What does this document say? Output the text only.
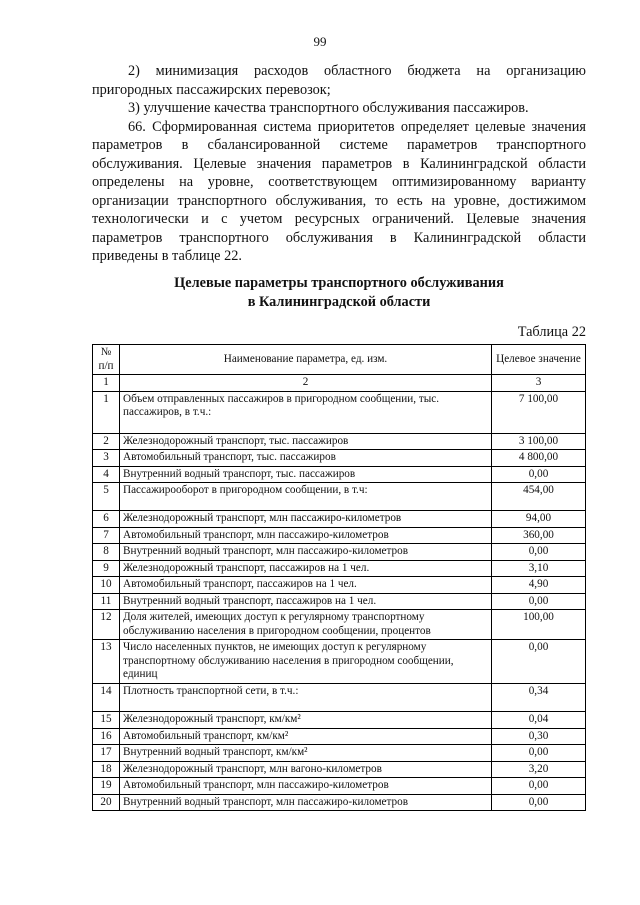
99

2) минимизация расходов областного бюджета на организацию пригородных пассажирских перевозок;

3) улучшение качества транспортного обслуживания пассажиров.

66. Сформированная система приоритетов определяет целевые значения параметров в сбалансированной системе параметров транспортного обслуживания. Целевые значения параметров в Калининградской области определены на уровне, соответствующем оптимизированному варианту организации транспортного обслуживания, то есть на уровне, достижимом технологически и с учетом ресурсных ограничений. Целевые значения параметров транспортного обслуживания в Калининградской области приведены в таблице 22.

Целевые параметры транспортного обслуживания
в Калининградской области
Таблица 22
№ п/п	Наименование параметра, ед. изм.	Целевое значение
1	2	3
1	Объем отправленных пассажиров в пригородном сообщении, тыс. пассажиров, в т.ч.:	7 100,00
2	Железнодорожный транспорт, тыс. пассажиров	3 100,00
3	Автомобильный транспорт, тыс. пассажиров	4 800,00
4	Внутренний водный транспорт, тыс. пассажиров	0,00
5	Пассажирооборот в пригородном сообщении, в т.ч:	454,00
6	Железнодорожный транспорт, млн пассажиро-километров	94,00
7	Автомобильный транспорт, млн пассажиро-километров	360,00
8	Внутренний водный транспорт, млн пассажиро-километров	0,00
9	Железнодорожный транспорт, пассажиров на 1 чел.	3,10
10	Автомобильный транспорт, пассажиров на 1 чел.	4,90
11	Внутренний водный транспорт, пассажиров на 1 чел.	0,00
12	Доля жителей, имеющих доступ к регулярному транспортному обслуживанию населения в пригородном сообщении, процентов	100,00
13	Число населенных пунктов, не имеющих доступ к регулярному транспортному обслуживанию населения в пригородном сообщении, единиц	0,00
14	Плотность транспортной сети, в т.ч.:	0,34
15	Железнодорожный транспорт, км/км²	0,04
16	Автомобильный транспорт, км/км²	0,30
17	Внутренний водный транспорт, км/км²	0,00
18	Железнодорожный транспорт, млн вагоно-километров	3,20
19	Автомобильный транспорт, млн пассажиро-километров	0,00
20	Внутренний водный транспорт, млн пассажиро-километров	0,00
